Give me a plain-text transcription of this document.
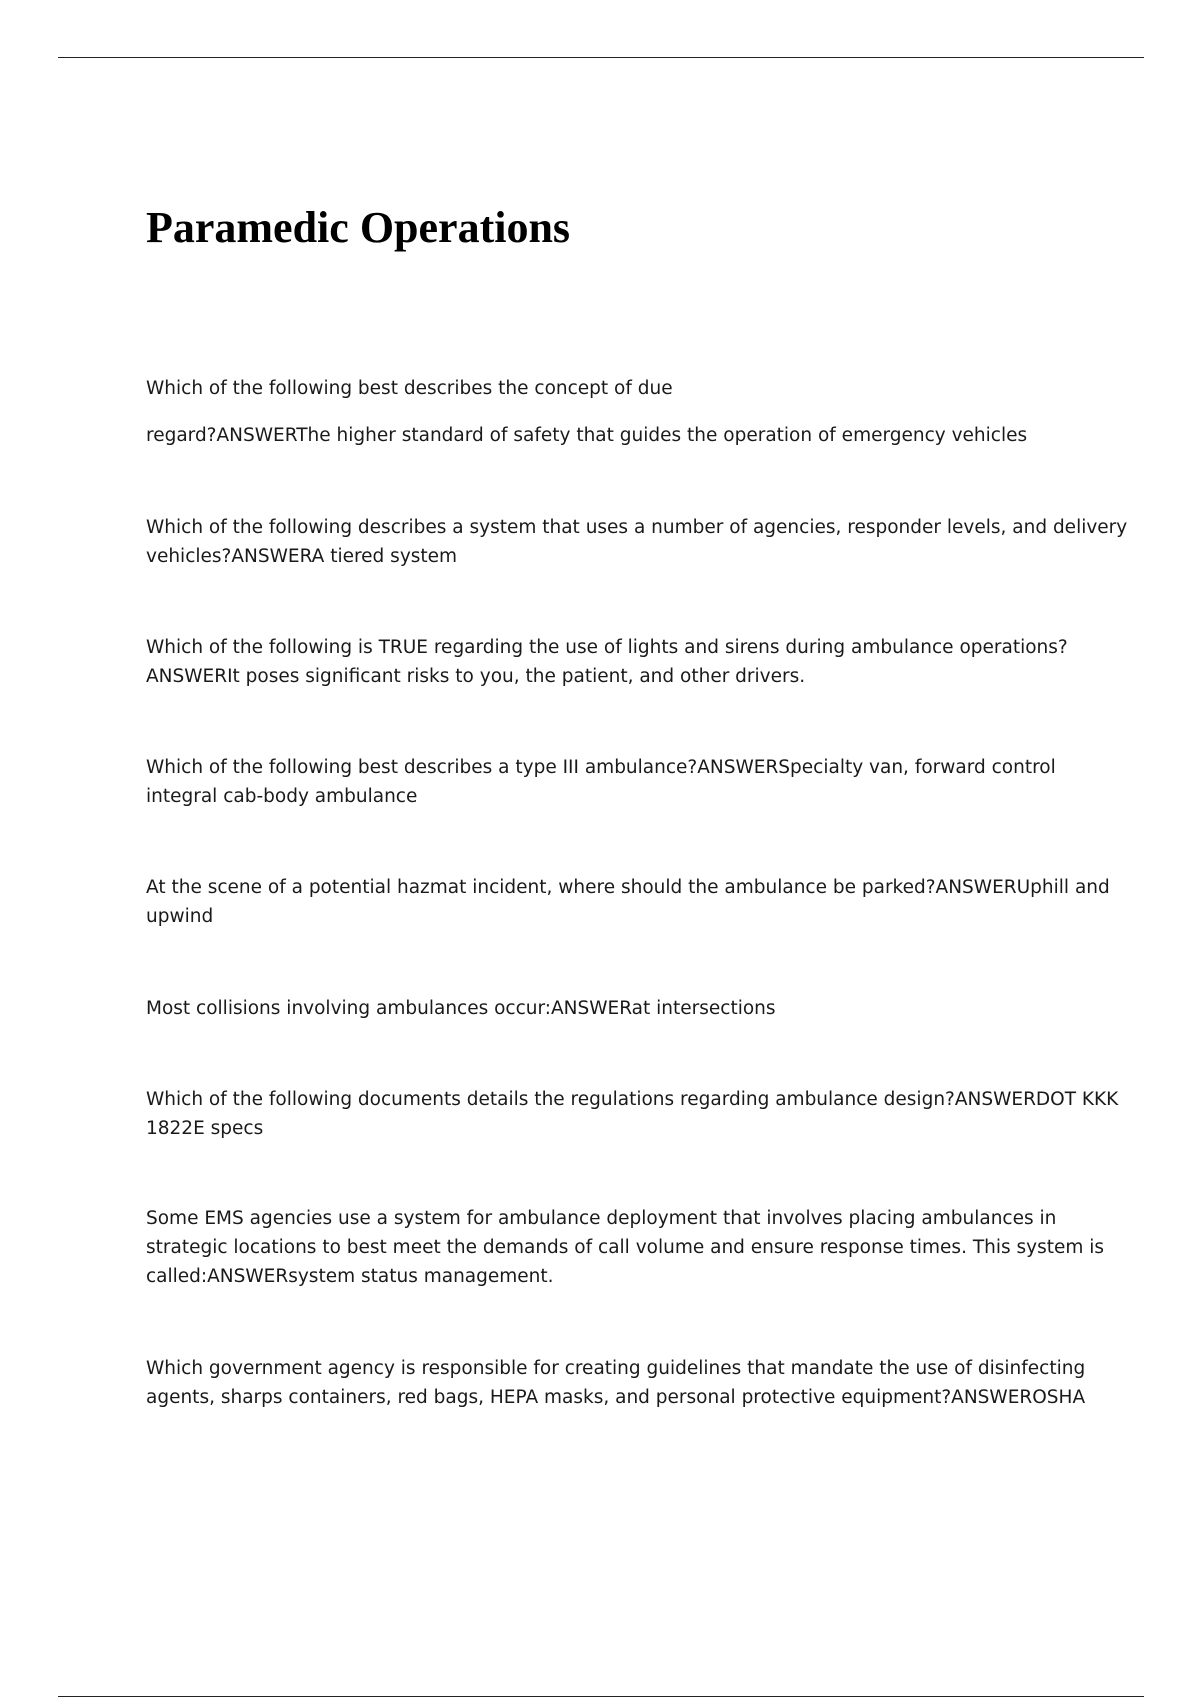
Paramedic Operations
Which of the following best describes the concept of due
regard?ANSWERThe higher standard of safety that guides the operation of emergency vehicles
Which of the following describes a system that uses a number of agencies, responder levels, and delivery
vehicles?ANSWERA tiered system
Which of the following is TRUE regarding the use of lights and sirens during ambulance operations?
ANSWERIt poses significant risks to you, the patient, and other drivers.
Which of the following best describes a type III ambulance?ANSWERSpecialty van, forward control
integral cab-body ambulance
At the scene of a potential hazmat incident, where should the ambulance be parked?ANSWERUphill and
upwind
Most collisions involving ambulances occur:ANSWERat intersections
Which of the following documents details the regulations regarding ambulance design?ANSWERDOT KKK
1822E specs
Some EMS agencies use a system for ambulance deployment that involves placing ambulances in
strategic locations to best meet the demands of call volume and ensure response times. This system is
called:ANSWERsystem status management.
Which government agency is responsible for creating guidelines that mandate the use of disinfecting
agents, sharps containers, red bags, HEPA masks, and personal protective equipment?ANSWEROSHA
